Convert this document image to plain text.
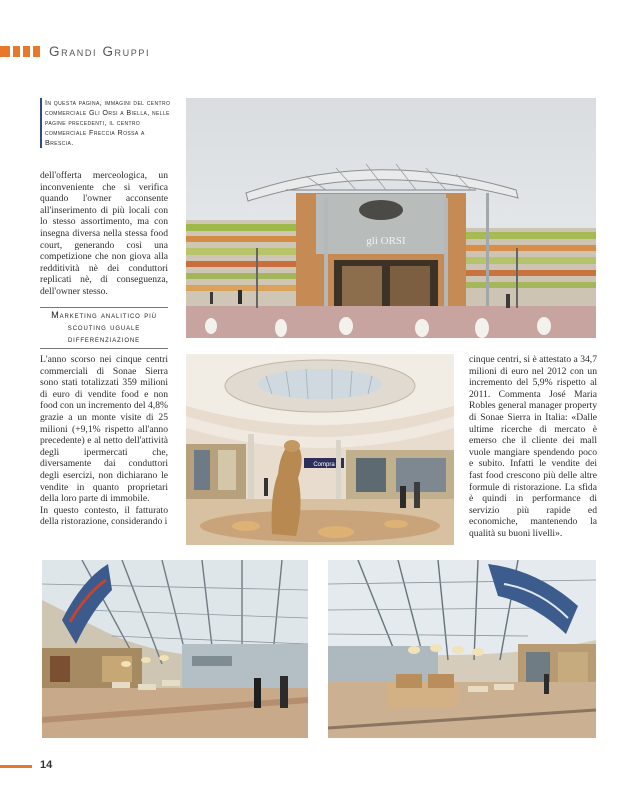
Grandi Gruppi
In questa pagina, immagini del centro commerciale Gli Orsi a Biella, nelle pagine precedenti, il centro commerciale Freccia Rossa a Brescia.

dell'offerta merceologica, un inconveniente che si verifica quando l'owner acconsente all'inserimento di più locali con lo stesso assortimento, ma con insegna diversa nella stessa food court, generando così una competizione che non giova alla redditività nè dei conduttori replicati nè, di conseguenza, dell'owner stesso.

Marketing analitico più scouting uguale differenziazione

L'anno scorso nei cinque centri commerciali di Sonae Sierra sono stati totalizzati 359 milioni di euro di vendite food e non food con un incremento del 4,8% grazie a un monte visite di 25 milioni (+9,1% rispetto all'anno precedente) e al netto dell'attività degli ipermercati che, diversamente dai conduttori degli esercizi, non dichiarano le vendite in quanto proprietari della loro parte di immobile.

In questo contesto, il fatturato della ristorazione, considerando i

cinque centri, si è attestato a 34,7 milioni di euro nel 2012 con un incremento del 5,9% rispetto al 2011. Commenta José Maria Robles general manager property di Sonae Sierra in Italia: «Dalle ultime ricerche di mercato è emerso che il cliente dei mall vuole mangiare spendendo poco e subito. Infatti le vendite dei fast food crescono più delle altre formule di ristorazione. La sfida è quindi in performance di servizio più rapide ed economiche, mantenendo la qualità su buoni livelli».

gli ORSI
Compra
14
